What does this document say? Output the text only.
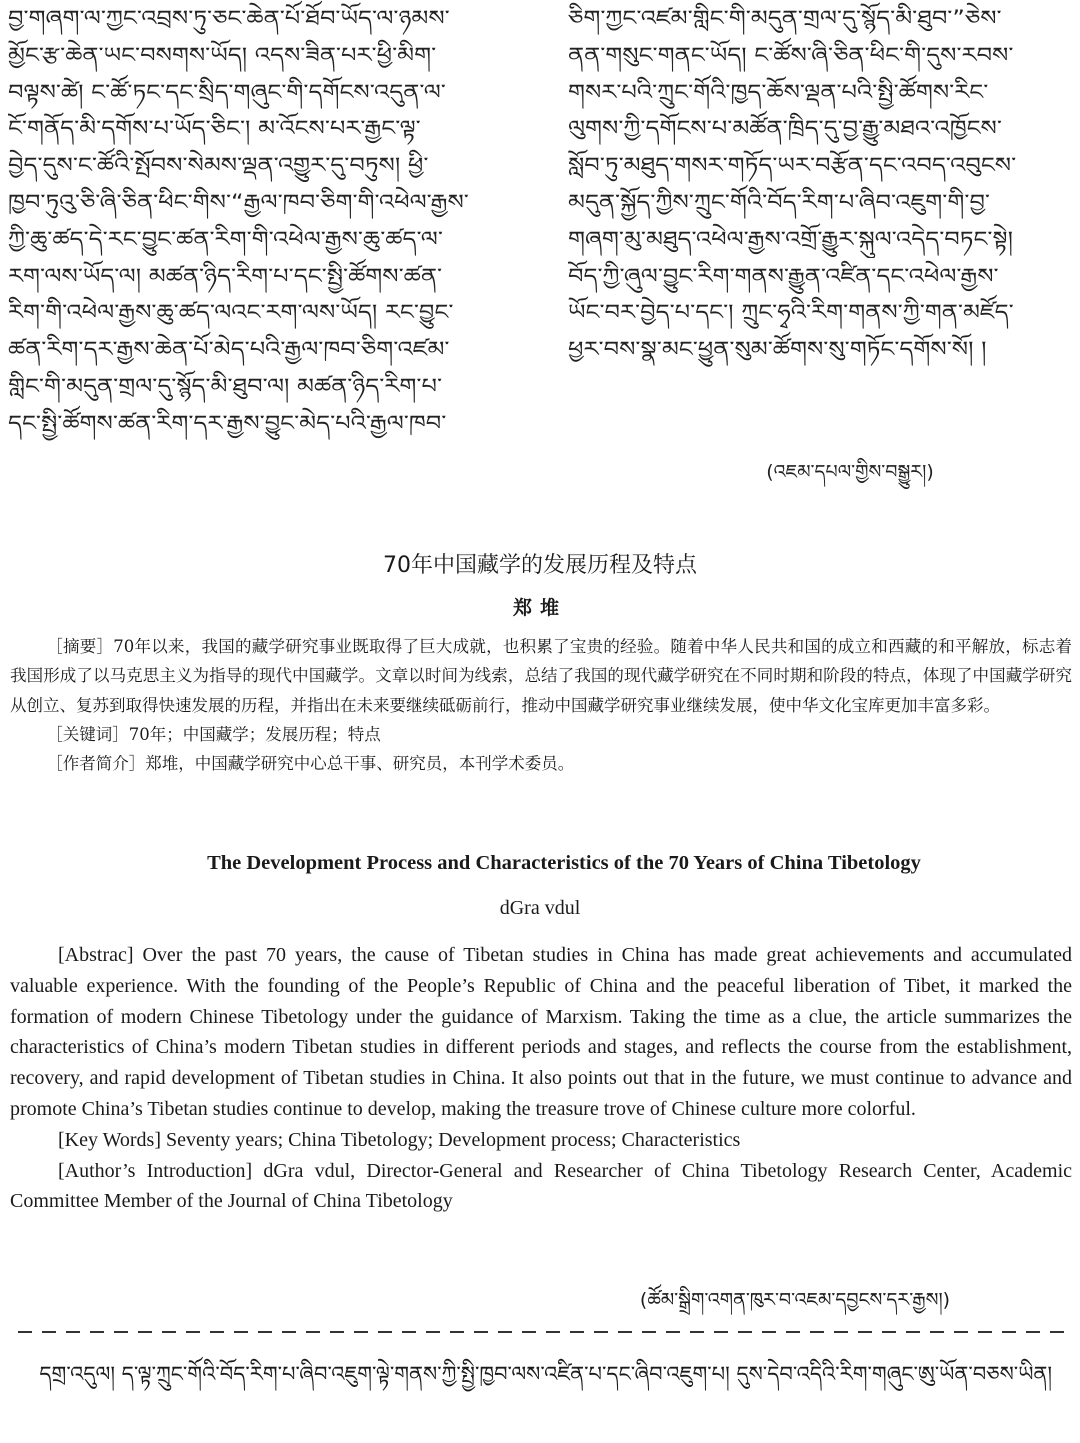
བྱ་གཞག་ལ་ཀྱང་འབྲས་ཏུ་ཅང་ཆེན་པོ་ཐོབ་ཡོད་ལ་ཉམས་
མྱོང་རྩ་ཆེན་ཡང་བསགས་ཡོད། འདས་ཟིན་པར་ཕྱི་མིག་
བལྟས་ཚེ། ང་ཚོ་ཏང་དང་སྲིད་གཞུང་གི་དགོངས་འདུན་ལ་
ངོ་གནོད་མི་དགོས་པ་ཡོད་ཅིང་། མ་འོངས་པར་རྒྱང་ལྟ་
བྱེད་དུས་ང་ཚོའི་སྤོབས་སེམས་ལྡན་འགྱུར་དུ་བཏུས། ཕྱི་
ཁྱབ་ཏུའུ་ཅི་ཞི་ཅིན་ཕིང་གིས་“རྒྱལ་ཁབ་ཅིག་གི་འཕེལ་རྒྱས་
ཀྱི་ཆུ་ཚད་དེ་རང་བྱུང་ཚན་རིག་གི་འཕེལ་རྒྱས་ཆུ་ཚད་ལ་
རག་ལས་ཡོད་ལ། མཚན་ཉིད་རིག་པ་དང་སྤྱི་ཚོགས་ཚན་
རིག་གི་འཕེལ་རྒྱས་ཆུ་ཚད་ལའང་རག་ལས་ཡོད། རང་བྱུང་
ཚན་རིག་དར་རྒྱས་ཆེན་པོ་མེད་པའི་རྒྱལ་ཁབ་ཅིག་འཛམ་
གླིང་གི་མདུན་གྲལ་དུ་སྙོད་མི་ཐུབ་ལ། མཚན་ཉིད་རིག་པ་
དང་སྤྱི་ཚོགས་ཚན་རིག་དར་རྒྱས་བྱུང་མེད་པའི་རྒྱལ་ཁབ་
ཅིག་ཀྱང་འཛམ་གླིང་གི་མདུན་གྲལ་དུ་སྙོད་མི་ཐུབ་”ཅེས་
ནན་གསུང་གནང་ཡོད། ང་ཚོས་ཞི་ཅིན་ཕིང་གི་དུས་རབས་
གསར་པའི་ཀྲུང་གོའི་ཁྱད་ཆོས་ལྡན་པའི་སྤྱི་ཚོགས་རིང་
ལུགས་ཀྱི་དགོངས་པ་མཚོན་ཁྲིད་དུ་བྱ་རྒྱུ་མཐའ་འཁྱོངས་
སློབ་ཏུ་མཐུད་གསར་གཏོད་ཡར་བརྩོན་དང་འབད་འབུངས་
མདུན་སྐྱོད་ཀྱིས་ཀྲུང་གོའི་བོད་རིག་པ་ཞིབ་འཇུག་གི་བྱ་
གཞག་མུ་མཐུད་འཕེལ་རྒྱས་འགྲོ་རྒྱུར་སྐུལ་འདེད་བཏང་སྟེ།
བོད་ཀྱི་ཞུལ་བྱུང་རིག་གནས་རྒྱུན་འཛིན་དང་འཕེལ་རྒྱས་
ཡོང་བར་བྱེད་པ་དང་། ཀྲུང་ཧྭའི་རིག་གནས་ཀྱི་གན་མཛོད་
ཕྱར་བས་སྣ་མང་ཕྱུན་སུམ་ཚོགས་སུ་གཏོང་དགོས་སོ། །
(འཇམ་དཔལ་གྱིས་བསྒྱུར།)
70年中国藏学的发展历程及特点
郑堆

［摘要］70年以来，我国的藏学研究事业既取得了巨大成就，也积累了宝贵的经验。随着中华人民共和国的成立和西藏的和平解放，标志着我国形成了以马克思主义为指导的现代中国藏学。文章以时间为线索，总结了我国的现代藏学研究在不同时期和阶段的特点，体现了中国藏学研究从创立、复苏到取得快速发展的历程，并指出在未来要继续砥砺前行，推动中国藏学研究事业继续发展，使中华文化宝库更加丰富多彩。

［关键词］70年；中国藏学；发展历程；特点

［作者简介］郑堆，中国藏学研究中心总干事、研究员，本刊学术委员。

The Development Process and Characteristics of the 70 Years of China Tibetology
dGra vdul

[Abstrac] Over the past 70 years, the cause of Tibetan studies in China has made great achievements and accumulated valuable experience. With the founding of the People’s Republic of China and the peaceful liberation of Tibet, it marked the formation of modern Chinese Tibetology under the guidance of Marxism. Taking the time as a clue, the article summarizes the characteristics of China’s modern Tibetan studies in different periods and stages, and reflects the course from the establishment, recovery, and rapid development of Tibetan studies in China. It also points out that in the future, we must continue to advance and promote China’s Tibetan studies continue to develop, making the treasure trove of Chinese culture more colorful.

[Key Words] Seventy years; China Tibetology; Development process; Characteristics

[Author’s Introduction] dGra vdul, Director-General and Researcher of China Tibetology Research Center, Academic Committee Member of the Journal of China Tibetology

(ཚོམ་སྒྲིག་འགན་ཁུར་བ་འཇམ་དབྱངས་དར་རྒྱས།)

དགྲ་འདུལ། ད་ལྟ་ཀྲུང་གོའི་བོད་རིག་པ་ཞིབ་འཇུག་ལྟེ་གནས་ཀྱི་སྤྱི་ཁྱབ་ལས་འཛིན་པ་དང་ཞིབ་འཇུག་པ། དུས་དེབ་འདིའི་རིག་གཞུང་ཨུ་ཡོན་བཅས་ཡིན།
